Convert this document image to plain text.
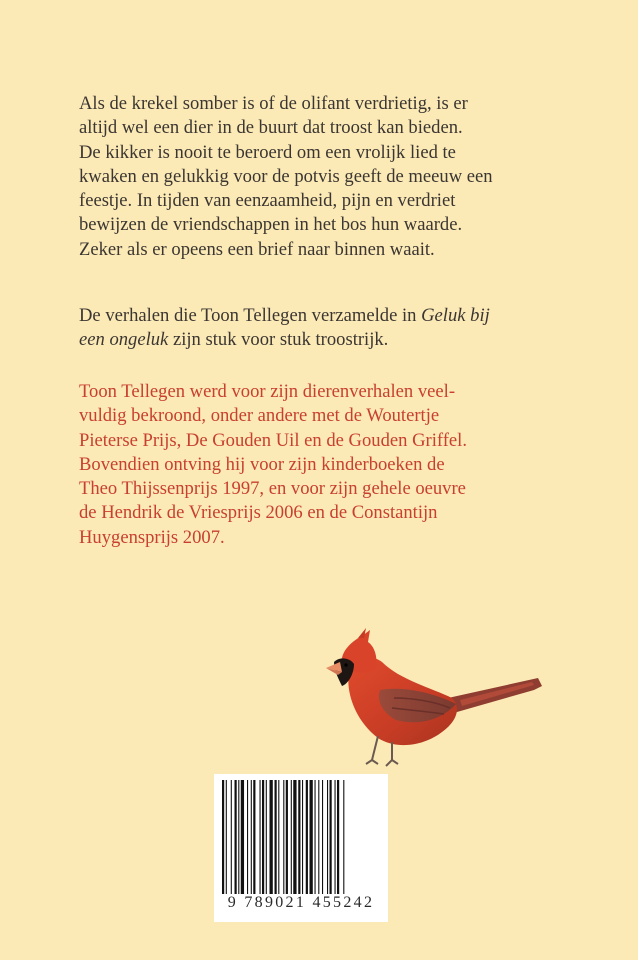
Als de krekel somber is of de olifant verdrietig, is er
altijd wel een dier in de buurt dat troost kan bieden.
De kikker is nooit te beroerd om een vrolijk lied te
kwaken en gelukkig voor de potvis geeft de meeuw een
feestje. In tijden van eenzaamheid, pijn en verdriet
bewijzen de vriendschappen in het bos hun waarde.
Zeker als er opeens een brief naar binnen waait.
De verhalen die Toon Tellegen verzamelde in Geluk bij
een ongeluk zijn stuk voor stuk troostrijk.
Toon Tellegen werd voor zijn dierenverhalen veel-
vuldig bekroond, onder andere met de Woutertje
Pieterse Prijs, De Gouden Uil en de Gouden Griffel.
Bovendien ontving hij voor zijn kinderboeken de
Theo Thijssenprijs 1997, en voor zijn gehele oeuvre
de Hendrik de Vriesprijs 2006 en de Constantijn
Huygensprijs 2007.
9 789021 455242
